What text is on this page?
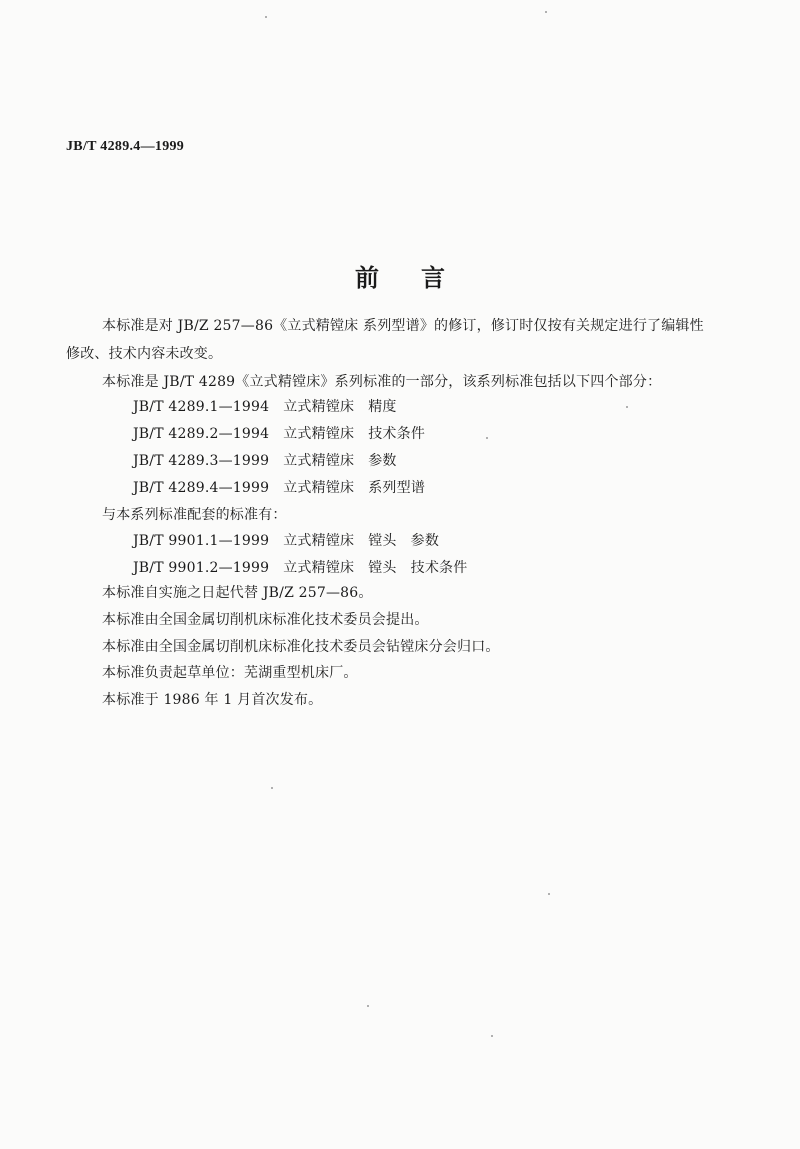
JB/T 4289.4—1999
前言
本标准是对 JB/Z 257—86《立式精镗床 系列型谱》的修订，修订时仅按有关规定进行了编辑性
修改、技术内容未改变。
本标准是 JB/T 4289《立式精镗床》系列标准的一部分，该系列标准包括以下四个部分：
JB/T 4289.1—1994 立式精镗床 精度
JB/T 4289.2—1994 立式精镗床 技术条件
JB/T 4289.3—1999 立式精镗床 参数
JB/T 4289.4—1999 立式精镗床 系列型谱
与本系列标准配套的标准有：
JB/T 9901.1—1999 立式精镗床 镗头 参数
JB/T 9901.2—1999 立式精镗床 镗头 技术条件
本标准自实施之日起代替 JB/Z 257—86。
本标准由全国金属切削机床标准化技术委员会提出。
本标准由全国金属切削机床标准化技术委员会钻镗床分会归口。
本标准负责起草单位：芜湖重型机床厂。
本标准于 1986 年 1 月首次发布。
